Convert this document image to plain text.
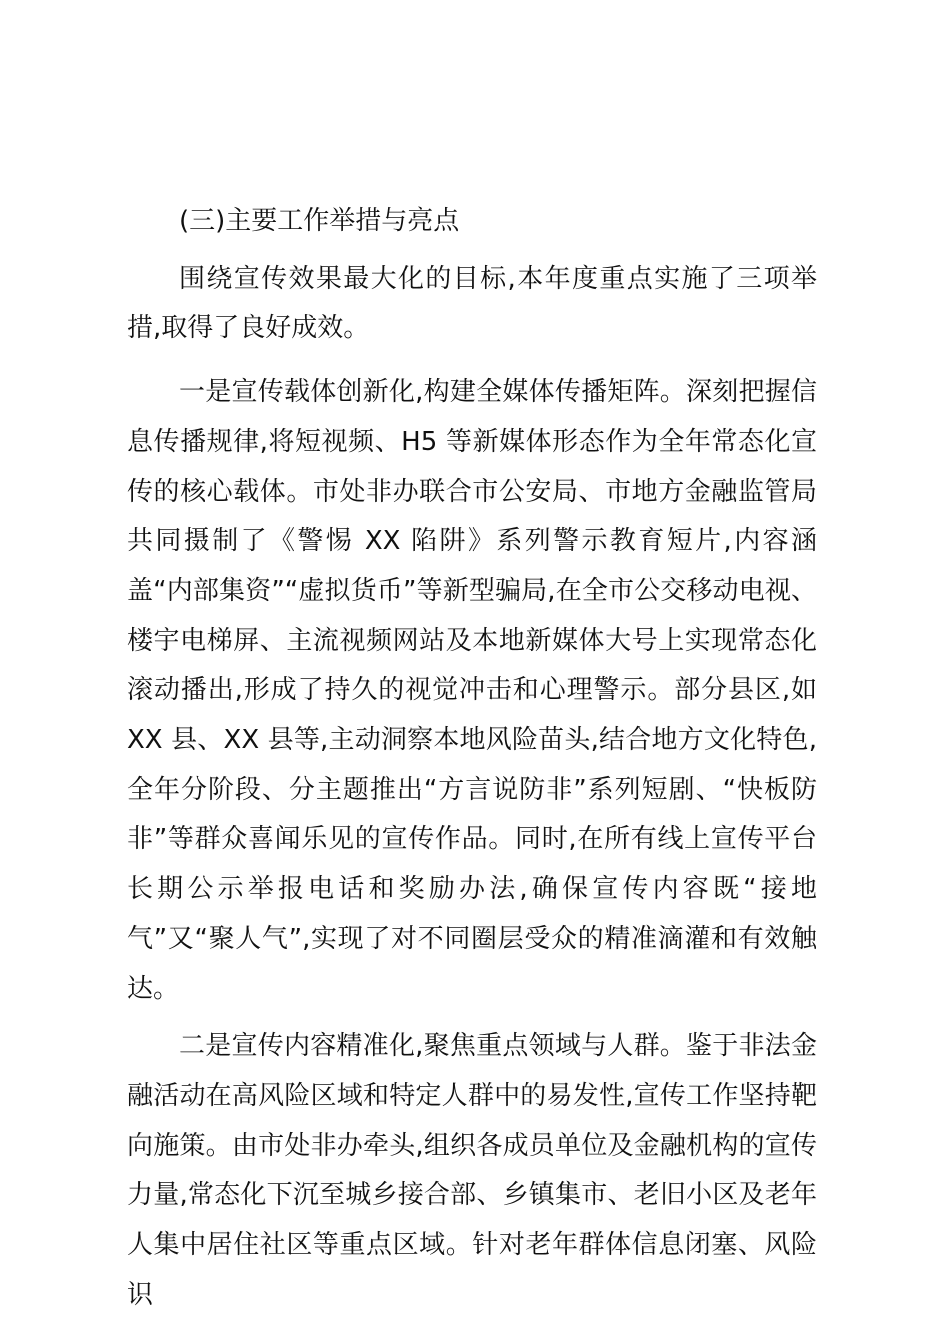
(三)主要工作举措与亮点

围绕宣传效果最大化的目标,本年度重点实施了三项举措,取得了良好成效。

一是宣传载体创新化,构建全媒体传播矩阵。深刻把握信息传播规律,将短视频、H5 等新媒体形态作为全年常态化宣传的核心载体。市处非办联合市公安局、市地方金融监管局共同摄制了《警惕 XX 陷阱》系列警示教育短片,内容涵盖“内部集资”“虚拟货币”等新型骗局,在全市公交移动电视、楼宇电梯屏、主流视频网站及本地新媒体大号上实现常态化滚动播出,形成了持久的视觉冲击和心理警示。部分县区,如 XX 县、XX 县等,主动洞察本地风险苗头,结合地方文化特色,全年分阶段、分主题推出“方言说防非”系列短剧、“快板防非”等群众喜闻乐见的宣传作品。同时,在所有线上宣传平台长期公示举报电话和奖励办法,确保宣传内容既“接地气”又“聚人气”,实现了对不同圈层受众的精准滴灌和有效触达。

二是宣传内容精准化,聚焦重点领域与人群。鉴于非法金融活动在高风险区域和特定人群中的易发性,宣传工作坚持靶向施策。由市处非办牵头,组织各成员单位及金融机构的宣传力量,常态化下沉至城乡接合部、乡镇集市、老旧小区及老年人集中居住社区等重点区域。针对老年群体信息闭塞、风险识
